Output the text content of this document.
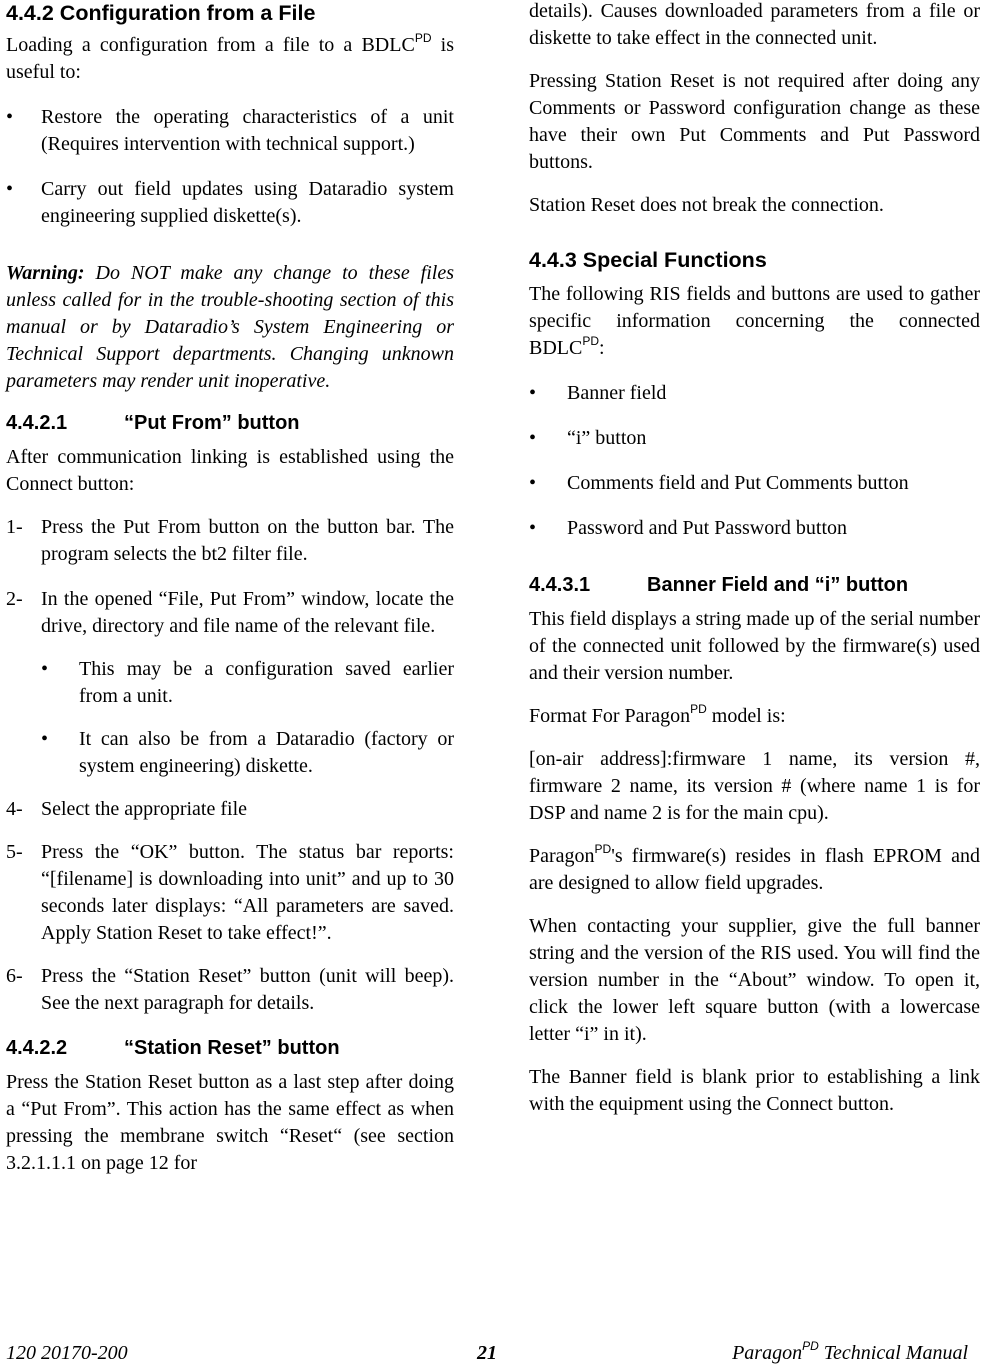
4.4.2 Configuration from a File

Loading a configuration from a file to a $BDLC^{PD}$ is useful to:

• Restore the operating characteristics of a unit (Requires intervention with technical support.)
• Carry out field updates using Dataradio system engineering supplied diskette(s).

Warning: Do NOT make any change to these files unless called for in the trouble-shooting section of this manual or by Dataradio’s System Engineering or Technical Support departments. Changing unknown parameters may render unit inoperative.

4.4.2.1	“Put From” button

After communication linking is established using the Connect button:

1- Press the Put From button on the button bar. The program selects the bt2 filter file.
2- In the opened “File, Put From” window, locate the drive, directory and file name of the relevant file.
• This may be a configuration saved earlier from a unit.
• It can also be from a Dataradio (factory or system engineering) diskette.
4- Select the appropriate file
5- Press the “OK” button. The status bar reports: “[filename] is downloading into unit” and up to 30 seconds later displays: “All parameters are saved. Apply Station Reset to take effect!”.
6- Press the “Station Reset” button (unit will beep). See the next paragraph for details.
4.4.2.2	“Station Reset” button

Press the Station Reset button as a last step after doing a “Put From”. This action has the same effect as when pressing the membrane switch “Reset“ (see section 3.2.1.1.1 on page 12 for

details). Causes downloaded parameters from a file or diskette to take effect in the connected unit.

Pressing Station Reset is not required after doing any Comments or Password configuration change as these have their own Put Comments and Put Password buttons.

Station Reset does not break the connection.

4.4.3 Special Functions

The following RIS fields and buttons are used to gather specific information concerning the connected $BDLC^{PD}$:

• Banner field
• “i” button
• Comments field and Put Comments button
• Password and Put Password button
4.4.3.1	Banner Field and “i” button

This field displays a string made up of the serial number of the connected unit followed by the firmware(s) used and their version number.

Format For Paragon$^{PD}$ model is:

[on-air address]:firmware 1 name, its version #, firmware 2 name, its version # (where name 1 is for DSP and name 2 is for the main cpu).

Paragon$^{PD}$'s firmware(s) resides in flash EPROM and are designed to allow field upgrades.

When contacting your supplier, give the full banner string and the version of the RIS used. You will find the version number in the “About” window. To open it, click the lower left square button (with a lowercase letter “i” in it).

The Banner field is blank prior to establishing a link with the equipment using the Connect button.

120 20170-200	21	Paragon$^{PD}$ Technical Manual
